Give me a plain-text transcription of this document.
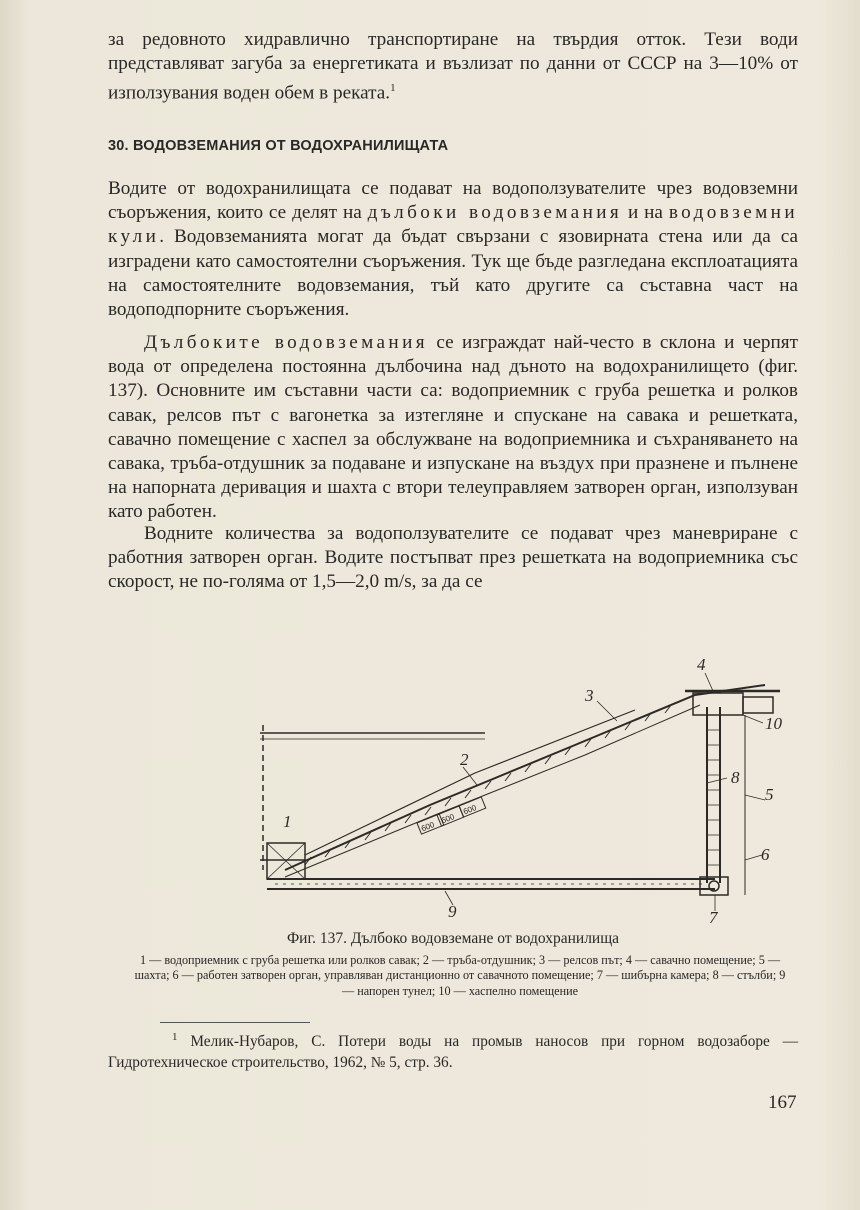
за редовното хидравлично транспортиране на твърдия отток. Тези води представляват загуба за енергетиката и възлизат по данни от СССР на 3—10% от използувания воден обем в реката.$^1$

30. ВОДОВЗЕМАНИЯ ОТ ВОДОХРАНИЛИЩАТА

Водите от водохранилищата се подават на водоползувателите чрез водовземни съоръжения, които се делят на дълбоки водовземания и на водовземни кули. Водовземанията могат да бъдат свързани с язовирната стена или да са изградени като самостоятелни съоръжения. Тук ще бъде разгледана експлоатацията на самостоятелните водовземания, тъй като другите са съставна част на водоподпорните съоръжения.

Дълбоките водовземания се изграждат най-често в склона и черпят вода от определена постоянна дълбочина над дъното на водохранилището (фиг. 137). Основните им съставни части са: водоприемник с груба решетка и ролков савак, релсов път с вагонетка за изтегляне и спускане на савака и решетката, савачно помещение с хаспел за обслужване на водоприемника и съхраняването на савака, тръба-отдушник за подаване и изпускане на въздух при празнене и пълнене на напорната деривация и шахта с втори телеуправляем затворен орган, използуван като работен.

Водните количества за водоползувателите се подават чрез маневриране с работния затворен орган. Водите постъпват през решетката на водоприемника със скорост, не по-голяма от 1,5—2,0 m/s, за да се

600
600
600
1
2
3
4
5
6
7
8
9
10

Фиг. 137. Дълбоко водовземане от водохранилища

1 — водоприемник с груба решетка или ролков савак; 2 — тръба-отдушник; 3 — релсов път; 4 — савачно помещение; 5 — шахта; 6 — работен затворен орган, управляван дистанционно от савачното помещение; 7 — шибърна камера; 8 — стълби; 9 — напорен тунел; 10 — хаспелно помещение

$^1$ Мелик-Нубаров, С. Потери воды на промыв наносов при горном водозаборе — Гидротехническое строительство, 1962, № 5, стр. 36.

167
